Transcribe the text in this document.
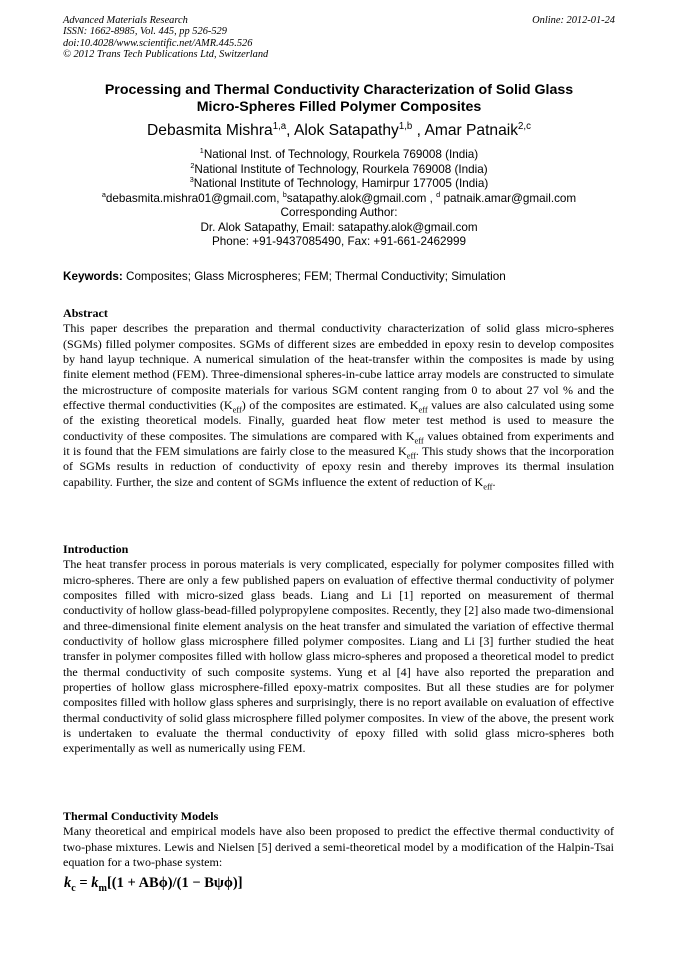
Advanced Materials Research
ISSN: 1662-8985, Vol. 445, pp 526-529
doi:10.4028/www.scientific.net/AMR.445.526
© 2012 Trans Tech Publications Ltd, Switzerland
Online: 2012-01-24
Processing and Thermal Conductivity Characterization of Solid Glass
Micro-Spheres Filled Polymer Composites
Debasmita Mishra$^{1,a}$, Alok Satapathy$^{1,b}$ , Amar Patnaik$^{2,c}$
$^1$National Inst. of Technology, Rourkela 769008 (India)
$^2$National Institute of Technology, Rourkela 769008 (India)
$^3$National Institute of Technology, Hamirpur 177005 (India)
$^a$debasmita.mishra01@gmail.com, $^b$satapathy.alok@gmail.com , $^d$ patnaik.amar@gmail.com
Corresponding Author:
Dr. Alok Satapathy, Email: satapathy.alok@gmail.com
Phone: +91-9437085490, Fax: +91-661-2462999
Keywords: Composites; Glass Microspheres; FEM; Thermal Conductivity; Simulation
Abstract

This paper describes the preparation and thermal conductivity characterization of solid glass micro-spheres (SGMs) filled polymer composites. SGMs of different sizes are embedded in epoxy resin to develop composites by hand layup technique. A numerical simulation of the heat-transfer within the composites is made by using finite element method (FEM). Three-dimensional spheres-in-cube lattice array models are constructed to simulate the microstructure of composite materials for various SGM content ranging from 0 to about 27 vol % and the effective thermal conductivities $(K_{eff})$ of the composites are estimated. $K_{eff}$ values are also calculated using some of the existing theoretical models. Finally, guarded heat flow meter test method is used to measure the conductivity of these composites. The simulations are compared with $K_{eff}$ values obtained from experiments and it is found that the FEM simulations are fairly close to the measured $K_{eff}$. This study shows that the incorporation of SGMs results in reduction of conductivity of epoxy resin and thereby improves its thermal insulation capability. Further, the size and content of SGMs influence the extent of reduction of $K_{eff}$.

Introduction

The heat transfer process in porous materials is very complicated, especially for polymer composites filled with micro-spheres. There are only a few published papers on evaluation of effective thermal conductivity of polymer composites filled with micro-sized glass beads. Liang and Li [1] reported on measurement of thermal conductivity of hollow glass-bead-filled polypropylene composites. Recently, they [2] also made two-dimensional and three-dimensional finite element analysis on the heat transfer and simulated the variation of effective thermal conductivity of hollow glass microsphere filled polymer composites. Liang and Li [3] further studied the heat transfer in polymer composites filled with hollow glass micro-spheres and proposed a theoretical model to predict the thermal conductivity of such composite systems. Yung et al [4] have also reported the preparation and properties of hollow glass microsphere-filled epoxy-matrix composites. But all these studies are for polymer composites filled with hollow glass spheres and surprisingly, there is no report available on evaluation of effective thermal conductivity of solid glass microsphere filled polymer composites. In view of the above, the present work is undertaken to evaluate the thermal conductivity of epoxy filled with solid glass micro-spheres both experimentally as well as numerically using FEM.

Thermal Conductivity Models

Many theoretical and empirical models have also been proposed to predict the effective thermal conductivity of two-phase mixtures. Lewis and Nielsen [5] derived a semi-theoretical model by a modification of the Halpin-Tsai equation for a two-phase system:

$k_c = k_m[(1 + AB\phi)/(1 - B\psi\phi)]$
